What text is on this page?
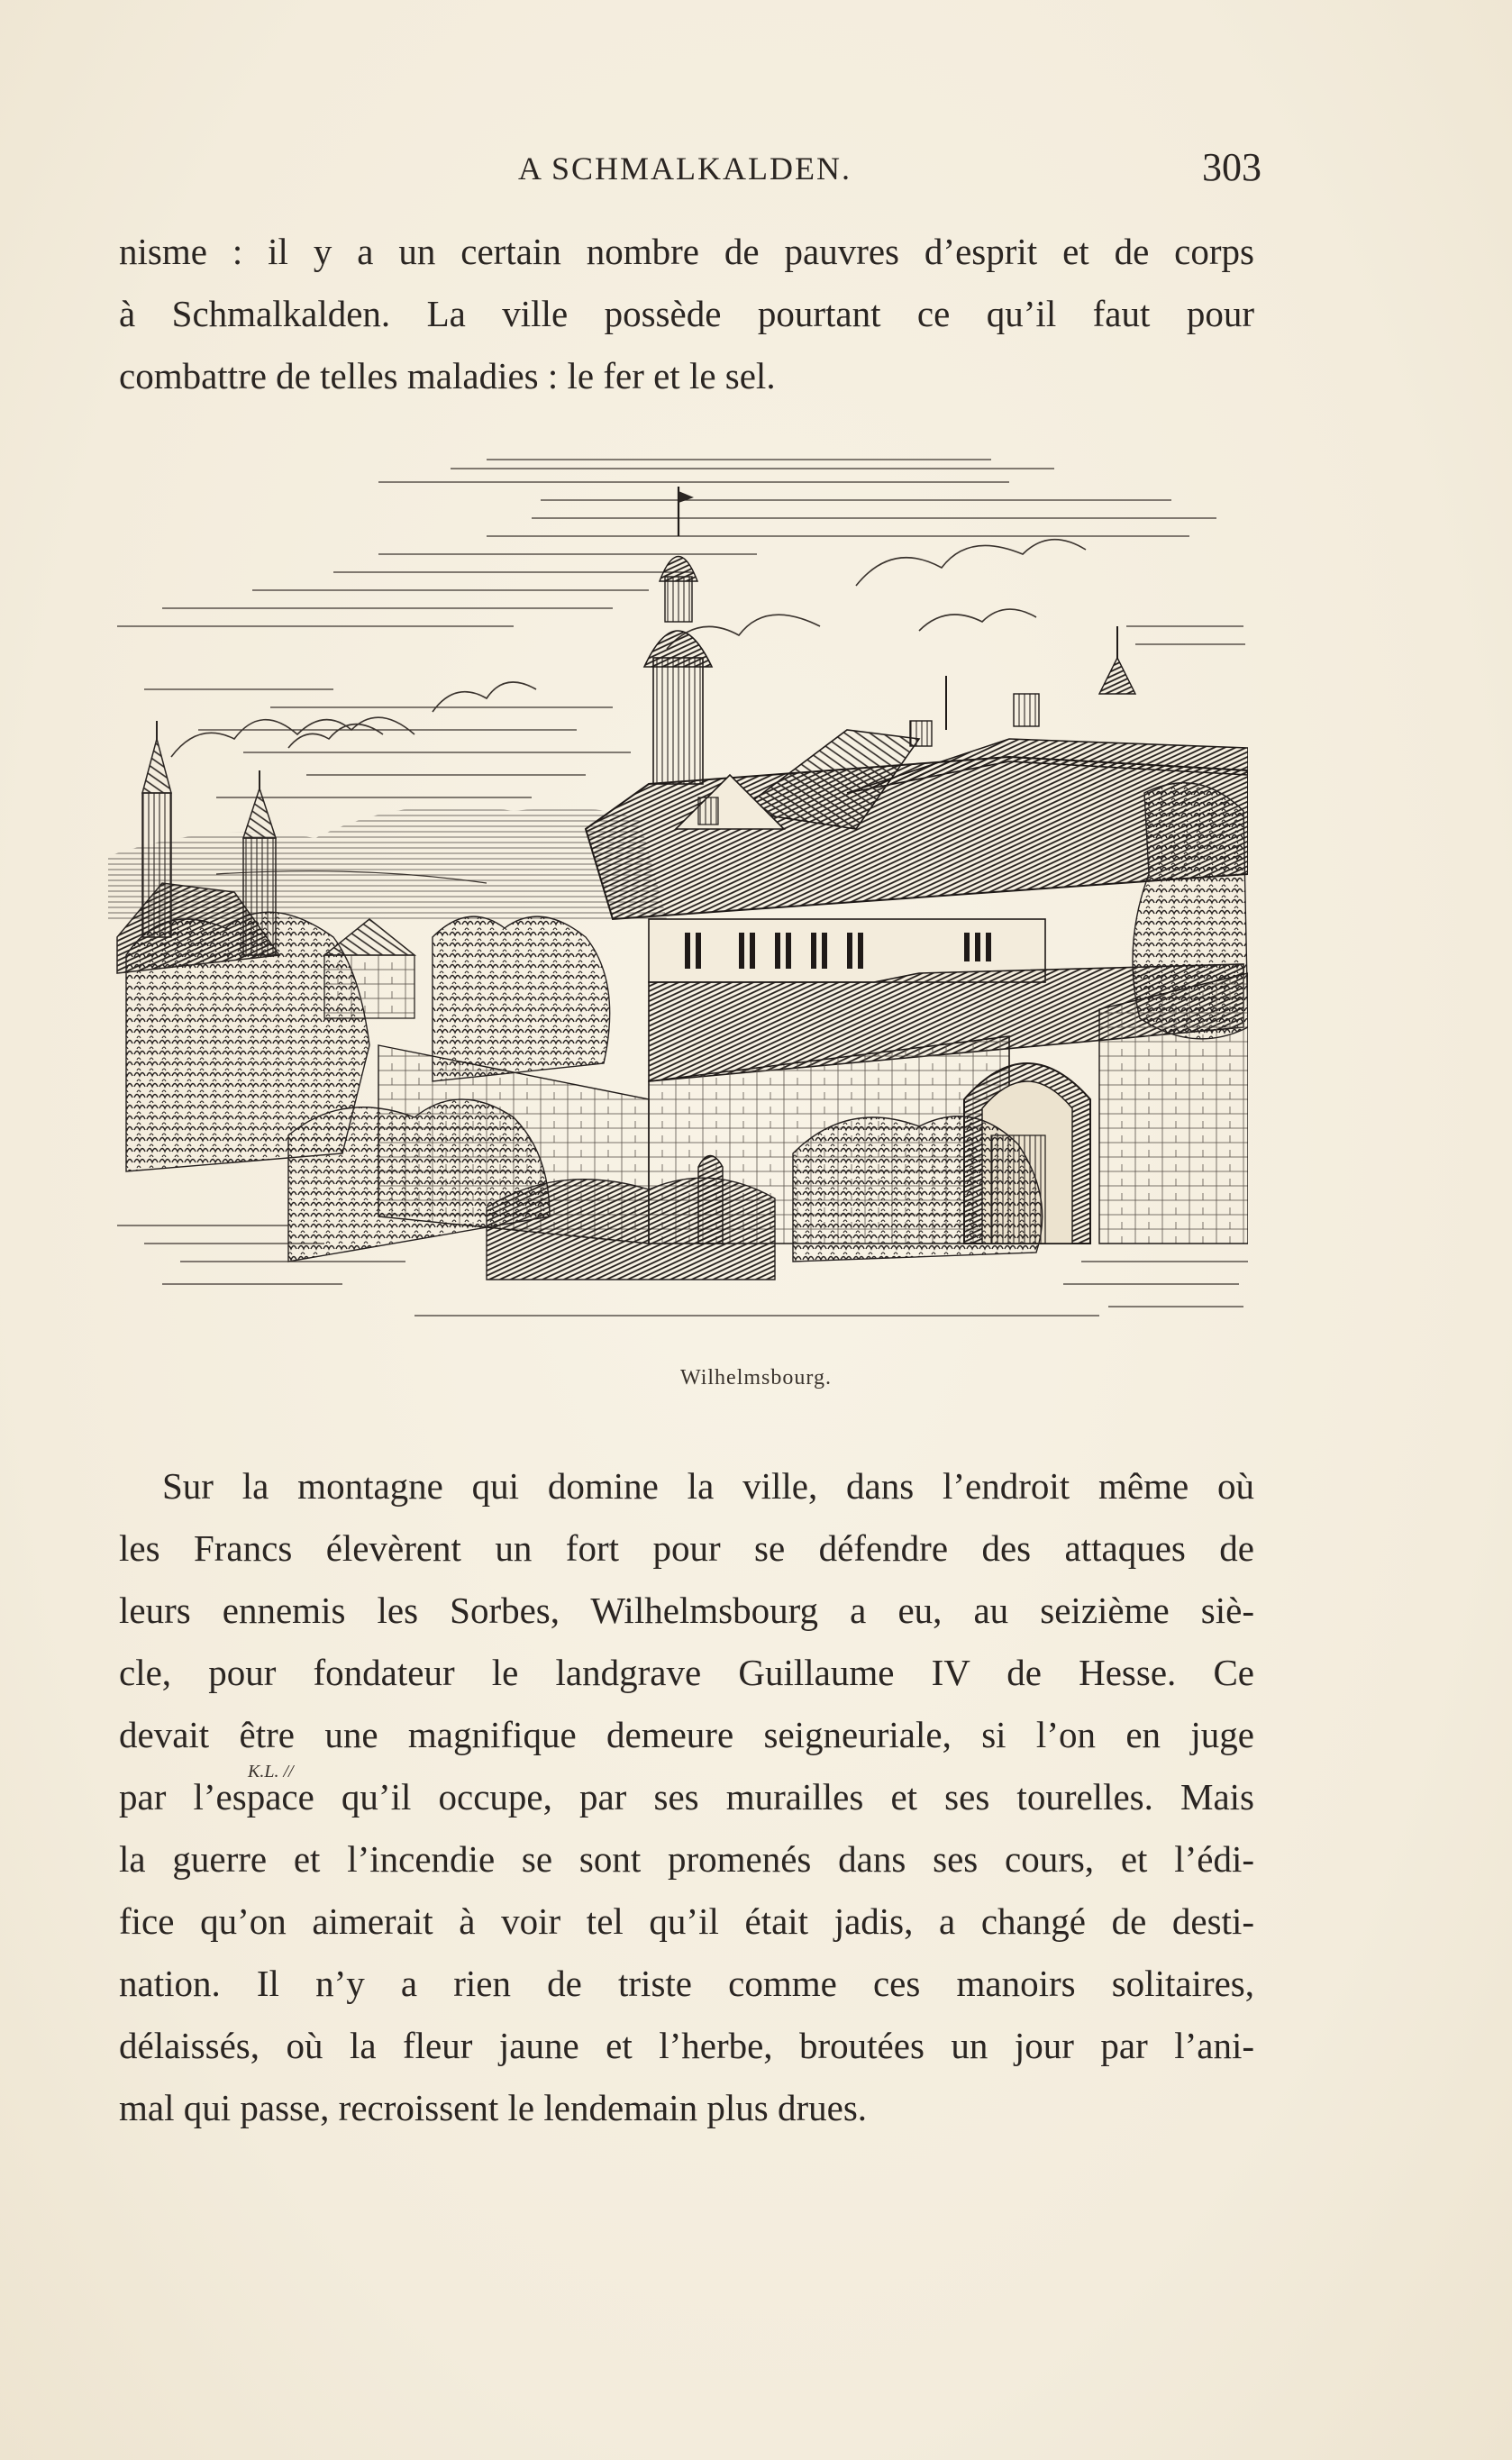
A SCHMALKALDEN.	303
nisme : il y a un certain nombre de pauvres d’esprit et de corps
à Schmalkalden. La ville possède pourtant ce qu’il faut pour
combattre de telles maladies : le fer et le sel.
K.L. //
Wilhelmsbourg.
Sur la montagne qui domine la ville, dans l’endroit même où
les Francs élevèrent un fort pour se défendre des attaques de
leurs ennemis les Sorbes, Wilhelmsbourg a eu, au seizième siè-
cle, pour fondateur le landgrave Guillaume IV de Hesse. Ce
devait être une magnifique demeure seigneuriale, si l’on en juge
par l’espace qu’il occupe, par ses murailles et ses tourelles. Mais
la guerre et l’incendie se sont promenés dans ses cours, et l’édi-
fice qu’on aimerait à voir tel qu’il était jadis, a changé de desti-
nation. Il n’y a rien de triste comme ces manoirs solitaires,
délaissés, où la fleur jaune et l’herbe, broutées un jour par l’ani-
mal qui passe, recroissent le lendemain plus drues.
